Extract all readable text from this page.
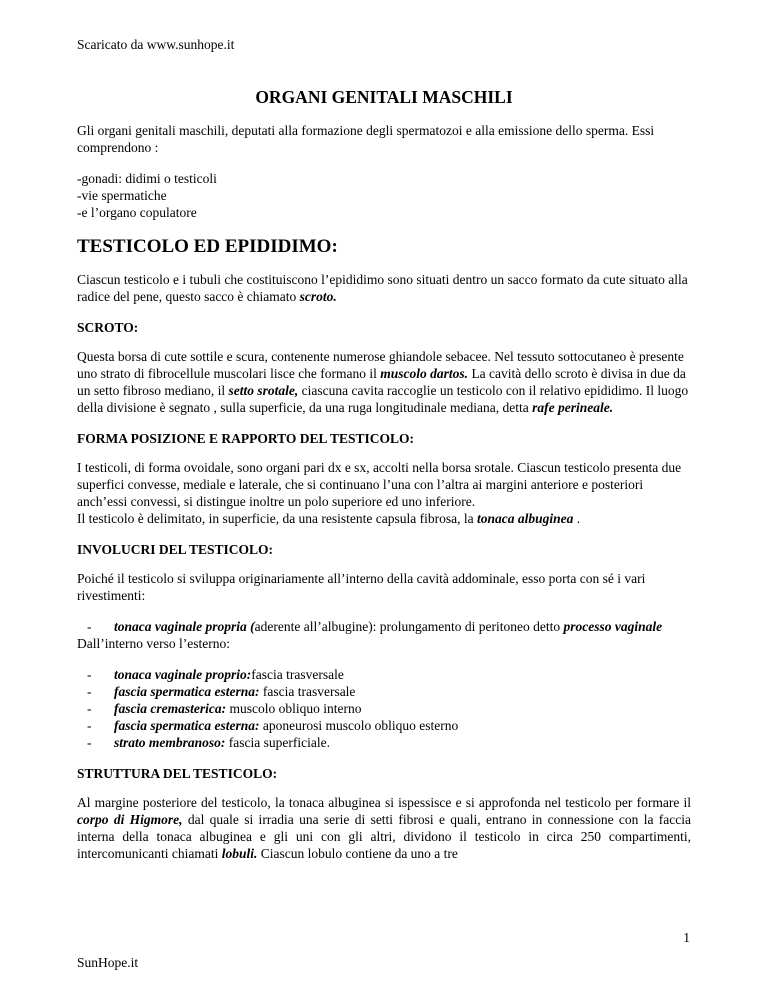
Scaricato da www.sunhope.it
ORGANI GENITALI MASCHILI

Gli organi genitali maschili, deputati alla formazione degli spermatozoi e alla emissione dello sperma. Essi comprendono :

-gonadi: didimi o testicoli
-vie spermatiche
-e l’organo copulatore
TESTICOLO ED EPIDIDIMO:

Ciascun testicolo e i tubuli che costituiscono l’epididimo sono situati dentro un sacco formato da cute situato alla radice del pene, questo sacco è chiamato scroto.

SCROTO:

Questa borsa di cute sottile e scura, contenente numerose ghiandole sebacee. Nel tessuto sottocutaneo è presente uno strato di fibrocellule muscolari lisce che formano il muscolo dartos. La cavità dello scroto è divisa in due da un setto fibroso mediano, il setto srotale, ciascuna cavita raccoglie un testicolo con il relativo epididimo. Il luogo della divisione è segnato , sulla superficie, da una ruga longitudinale mediana, detta rafe perineale.

FORMA POSIZIONE E RAPPORTO DEL TESTICOLO:

I testicoli, di forma ovoidale, sono organi pari dx e sx, accolti nella borsa srotale. Ciascun testicolo presenta due superfici convesse, mediale e laterale, che si continuano l’una con l’altra ai margini anteriore e posteriori anch’essi convessi, si distingue inoltre un polo superiore ed uno inferiore.
Il testicolo è delimitato, in superficie, da una resistente capsula fibrosa, la tonaca albuginea .

INVOLUCRI DEL TESTICOLO:

Poiché il testicolo si sviluppa originariamente all’interno della cavità addominale, esso porta con sé i vari rivestimenti:

-	tonaca vaginale propria (aderente all’albugine): prolungamento di peritoneo detto processo vaginale

Dall’interno verso l’esterno:

-	tonaca vaginale proprio:fascia trasversale
-	fascia spermatica esterna: fascia trasversale
-	fascia cremasterica: muscolo obliquo interno
-	fascia spermatica esterna: aponeurosi muscolo obliquo esterno
-	strato membranoso: fascia superficiale.
STRUTTURA DEL TESTICOLO:

Al margine posteriore del testicolo, la tonaca albuginea si ispessisce e si approfonda nel testicolo per formare il corpo di Higmore, dal quale si irradia una serie di setti fibrosi e quali, entrano in connessione con la faccia interna della tonaca albuginea e gli uni con gli altri, dividono il testicolo in circa 250 compartimenti, intercomunicanti chiamati lobuli. Ciascun lobulo contiene da uno a tre

1
SunHope.it
